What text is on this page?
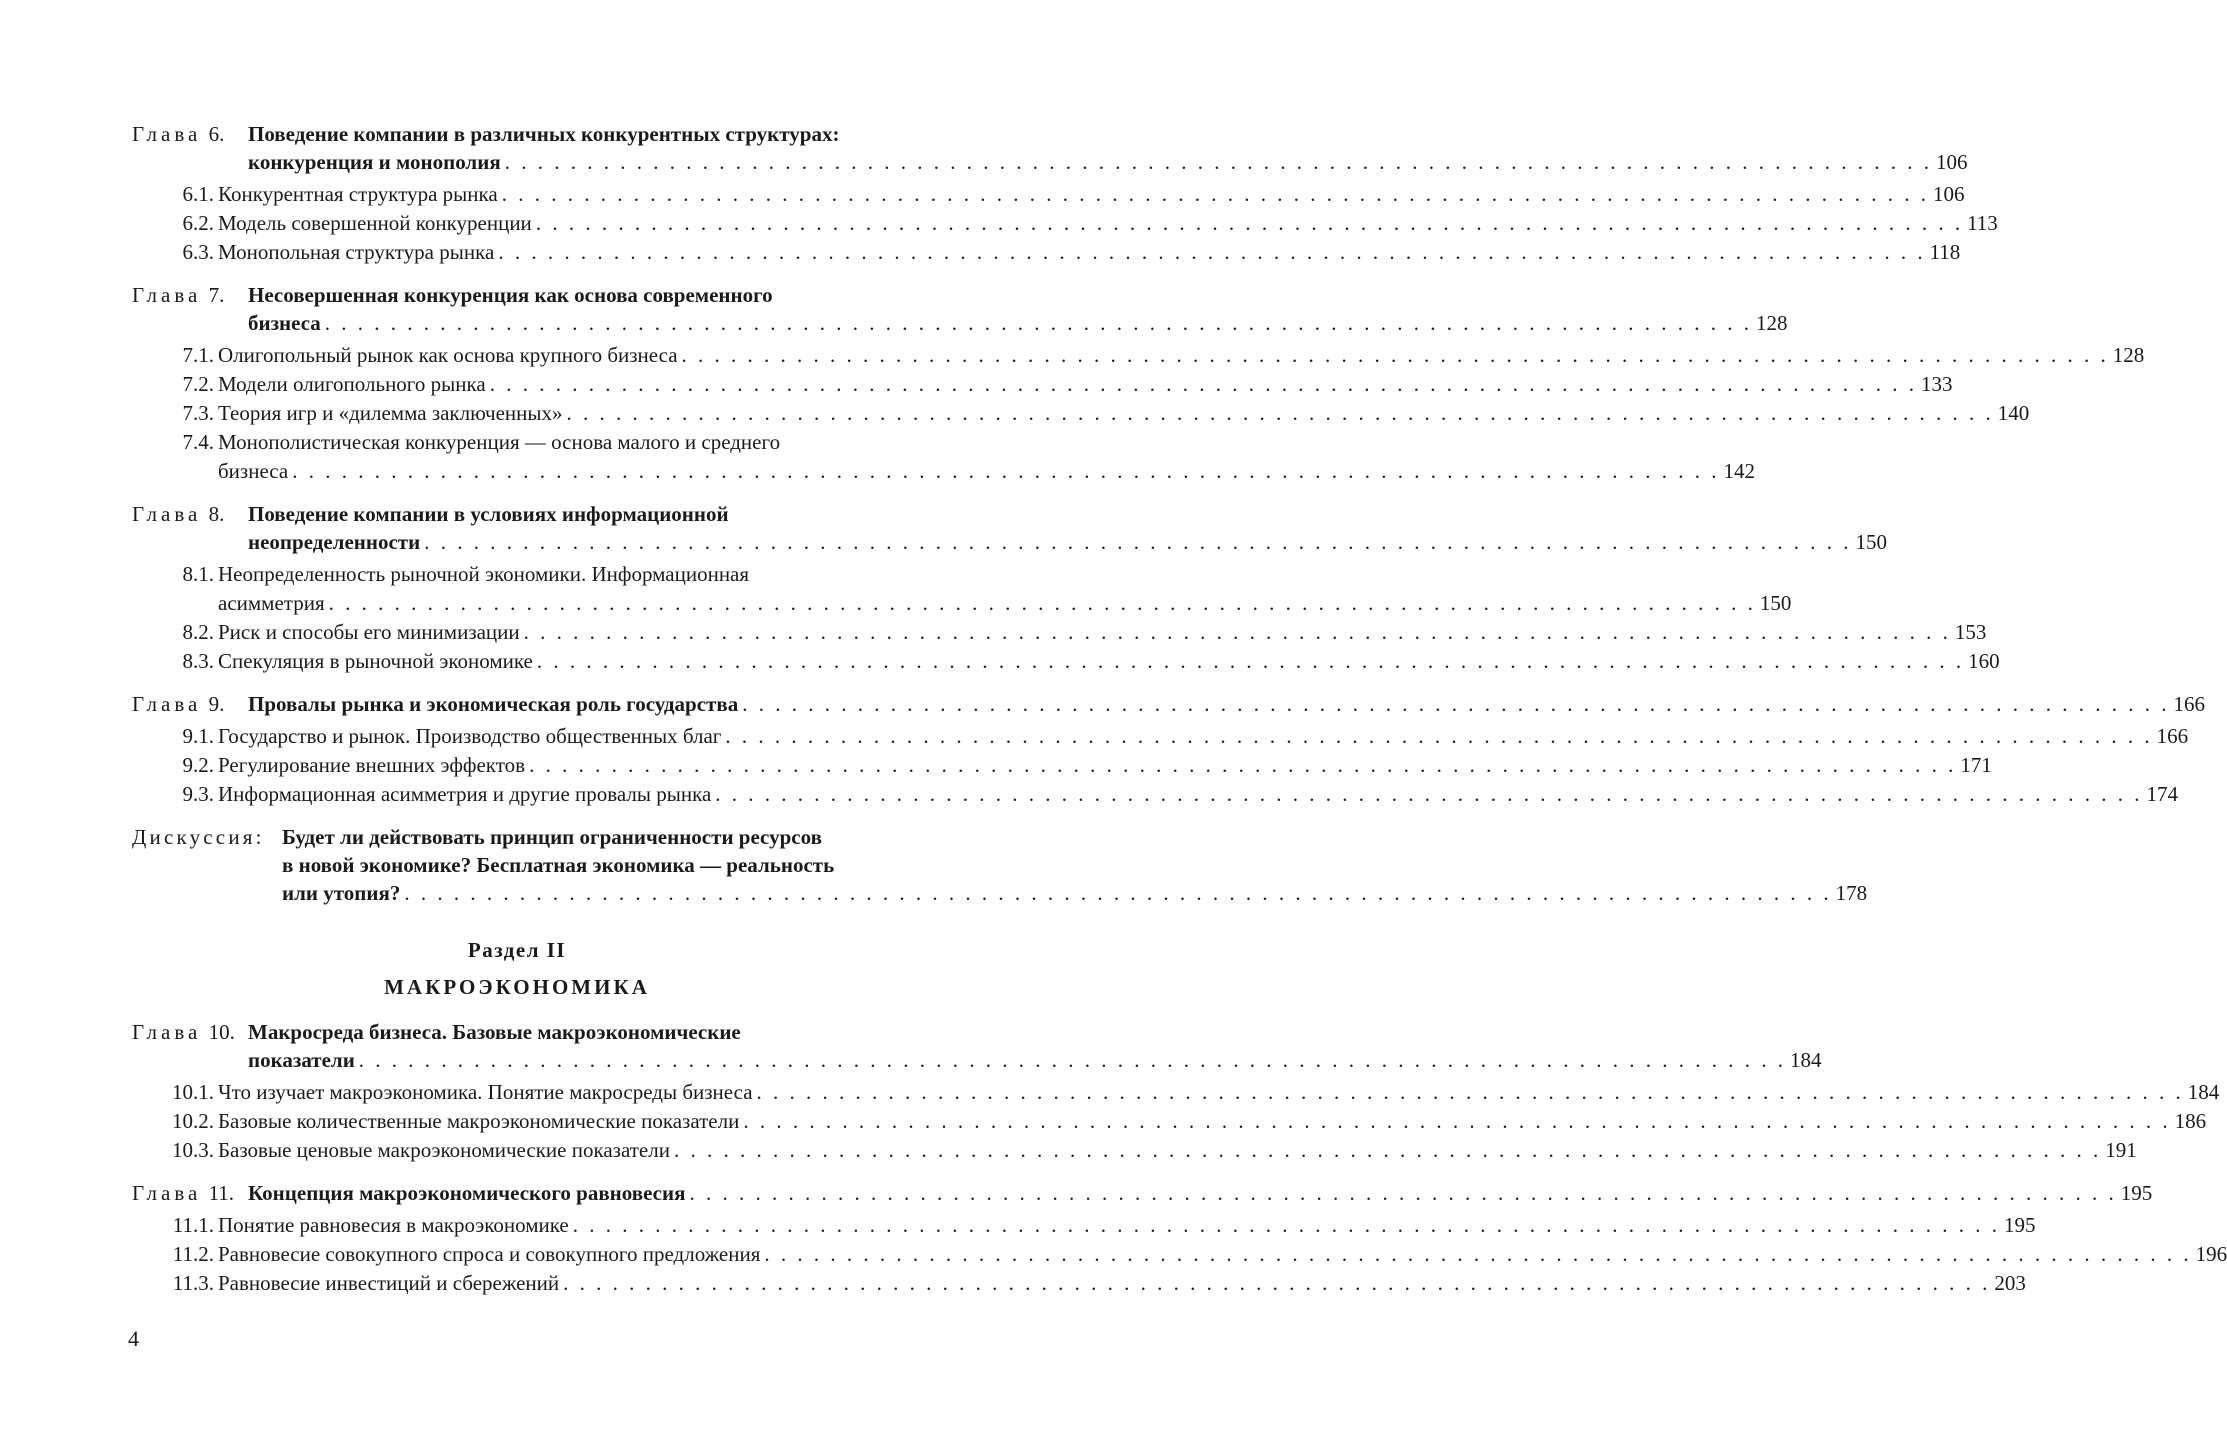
Глава 6.	Поведение компании в различных конкурентных структурах:
конкуренция и монополия . . .	106
6.1. Конкурентная структура рынка . . .	106
6.2. Модель совершенной конкуренции . . .	113
6.3. Монопольная структура рынка . . .	118
Глава 7.	Несовершенная конкуренция как основа современного
бизнеса . . .	128
7.1. Олигопольный рынок как основа крупного бизнеса . . .	128
7.2. Модели олигопольного рынка . . .	133
7.3. Теория игр и «дилемма заключенных» . . .	140
7.4. Монополистическая конкуренция — основа малого и среднего
бизнеса . . .	142
Глава 8.	Поведение компании в условиях информационной
неопределенности . . .	150
8.1. Неопределенность рыночной экономики. Информационная
асимметрия . . .	150
8.2. Риск и способы его минимизации . . .	153
8.3. Спекуляция в рыночной экономике . . .	160
Глава 9.	Провалы рынка и экономическая роль государства . . .	166
9.1. Государство и рынок. Производство общественных благ . . .	166
9.2. Регулирование внешних эффектов . . .	171
9.3. Информационная асимметрия и другие провалы рынка . . .	174
Дискуссия: Будет ли действовать принцип ограниченности ресурсов
в новой экономике? Бесплатная экономика — реальность
или утопия? . . .	178
Раздел II
МАКРОЭКОНОМИКА
Глава 10. Макросреда бизнеса. Базовые макроэкономические
показатели . . .	184
10.1. Что изучает макроэкономика. Понятие макросреды бизнеса . . .	184
10.2. Базовые количественные макроэкономические показатели . . .	186
10.3. Базовые ценовые макроэкономические показатели . . .	191
Глава 11. Концепция макроэкономического равновесия . . .	195
11.1. Понятие равновесия в макроэкономике . . .	195
11.2. Равновесие совокупного спроса и совокупного предложения . . .	196
11.3. Равновесие инвестиций и сбережений . . .	203
4
